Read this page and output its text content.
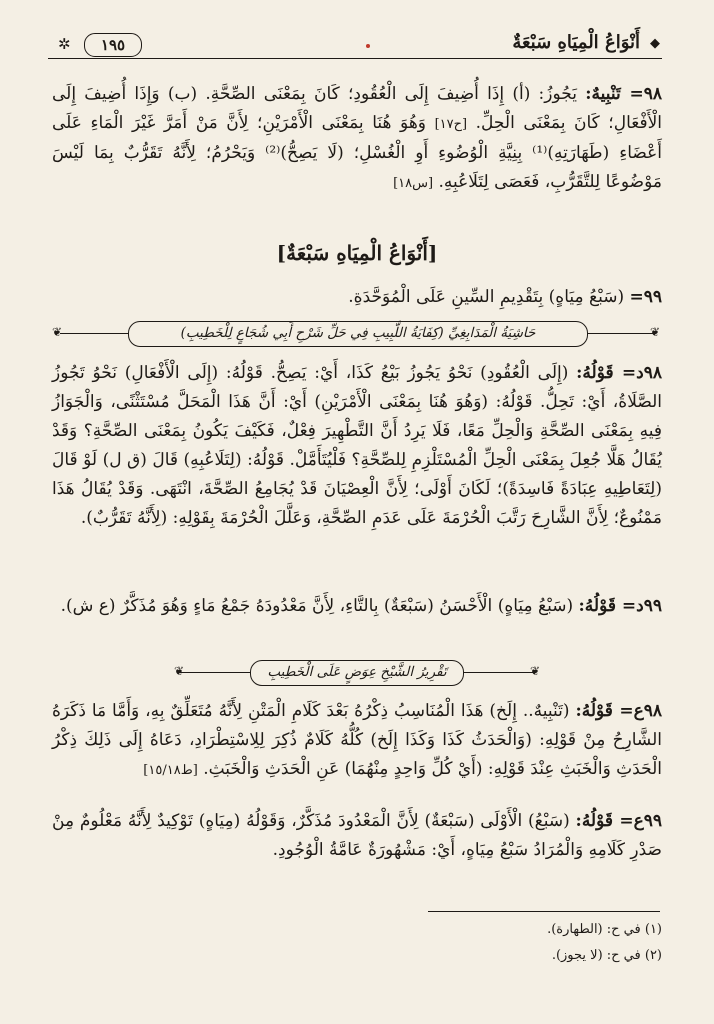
◆
أَنْوَاعُ الْمِيَاهِ سَبْعَةٌ
١٩٥
✲
٩٨= تَنْبِيهٌ: يَجُوزُ: (أ) إِذَا أُضِيفَ إِلَى الْعُقُودِ؛ كَانَ بِمَعْنَى الصِّحَّةِ. (ب) وَإِذَا أُضِيفَ إِلَى الْأَفْعَالِ؛ كَانَ بِمَعْنَى الْحِلِّ. [ح١٧] وَهُوَ هُنَا بِمَعْنَى الْأَمْرَيْنِ؛ لِأَنَّ مَنْ أَمَرَّ غَيْرَ الْمَاءِ عَلَى أَعْضَاءِ (طَهَارَتِهِ)⁽¹⁾ بِنِيَّةِ الْوُضُوءِ أَوِ الْغُسْلِ؛ (لَا يَصِحُّ)⁽²⁾ وَيَحْرُمُ؛ لِأَنَّهُ تَقَرُّبٌ بِمَا لَيْسَ مَوْضُوعًا لِلتَّقَرُّبِ، فَعَصَى لِتَلَاعُبِهِ. [س١٨]
[أَنْوَاعُ الْمِيَاهِ سَبْعَةٌ]
٩٩= (سَبْعُ مِيَاهٍ) بِتَقْدِيمِ السِّينِ عَلَى الْمُوَحَّدَةِ.
❦	❦
حَاشِيَةُ الْمَدَابِغِيِّ (كِفَايَةُ اللَّبِيبِ فِي حَلِّ شَرْحِ أَبِي شُجَاعٍ لِلْخَطِيبِ)
٩٨د= قَوْلُهُ: (إِلَى الْعُقُودِ) نَحْوُ يَجُوزُ بَيْعُ كَذَا، أَيْ: يَصِحُّ. قَوْلُهُ: (إِلَى الْأَفْعَالِ) نَحْوُ تَجُوزُ الصَّلَاةُ، أَيْ: تَحِلُّ. قَوْلُهُ: (وَهُوَ هُنَا بِمَعْنَى الْأَمْرَيْنِ) أَيْ: أَنَّ هَذَا الْمَحَلَّ مُسْتَثْنًى، وَالْجَوَازُ فِيهِ بِمَعْنَى الصِّحَّةِ وَالْحِلِّ مَعًا، فَلَا يَرِدُ أَنَّ التَّطْهِيرَ فِعْلٌ، فَكَيْفَ يَكُونُ بِمَعْنَى الصِّحَّةِ؟ وَقَدْ يُقَالُ هَلَّا جُعِلَ بِمَعْنَى الْحِلِّ الْمُسْتَلْزِمِ لِلصِّحَّةِ؟ فَلْيُتَأَمَّلْ. قَوْلُهُ: (لِتَلَاعُبِهِ) قَالَ (ق ل) لَوْ قَالَ (لِتَعَاطِيهِ عِبَادَةً فَاسِدَةً)؛ لَكَانَ أَوْلَى؛ لِأَنَّ الْعِصْيَانَ قَدْ يُجَامِعُ الصِّحَّةَ، انْتَهَى. وَقَدْ يُقَالُ هَذَا مَمْنُوعٌ؛ لِأَنَّ الشَّارِحَ رَتَّبَ الْحُرْمَةَ عَلَى عَدَمِ الصِّحَّةِ، وَعَلَّلَ الْحُرْمَةَ بِقَوْلِهِ: (لِأَنَّهُ تَقَرُّبٌ).
٩٩د= قَوْلُهُ: (سَبْعُ مِيَاهٍ) الْأَحْسَنُ (سَبْعَةٌ) بِالتَّاءِ، لِأَنَّ مَعْدُودَهُ جَمْعُ مَاءٍ وَهُوَ مُذَكَّرٌ (ع ش).
❦	❦
تَقْرِيرُ الشَّيْخِ عِوَضٍ عَلَى الْخَطِيبِ
٩٨ع= قَوْلُهُ: (تَنْبِيهٌ.. إِلَخ) هَذَا الْمُنَاسِبُ ذِكْرُهُ بَعْدَ كَلَامِ الْمَتْنِ لِأَنَّهُ مُتَعَلِّقٌ بِهِ، وَأَمَّا مَا ذَكَرَهُ الشَّارِحُ مِنْ قَوْلِهِ: (وَالْحَدَثُ كَذَا وَكَذَا إِلَخ) كُلُّهُ كَلَامٌ ذُكِرَ لِلِاسْتِطْرَادِ، دَعَاهُ إِلَى ذَلِكَ ذِكْرُ الْحَدَثِ وَالْخَبَثِ عِنْدَ قَوْلِهِ: (أَيْ كُلِّ وَاحِدٍ مِنْهُمَا) عَنِ الْحَدَثِ وَالْخَبَثِ. [ط١٥/١٨]
٩٩ع= قَوْلُهُ: (سَبْعُ) الْأَوْلَى (سَبْعَةٌ) لِأَنَّ الْمَعْدُودَ مُذَكَّرٌ، وَقَوْلُهُ (مِيَاهٍ) تَوْكِيدٌ لِأَنَّهُ مَعْلُومٌ مِنْ صَدْرِ كَلَامِهِ وَالْمُرَادُ سَبْعُ مِيَاهٍ، أَيْ: مَشْهُورَةٌ عَامَّةُ الْوُجُودِ.
(١) في ح: (الطهارة).
(٢) في ح: (لا يجوز).
